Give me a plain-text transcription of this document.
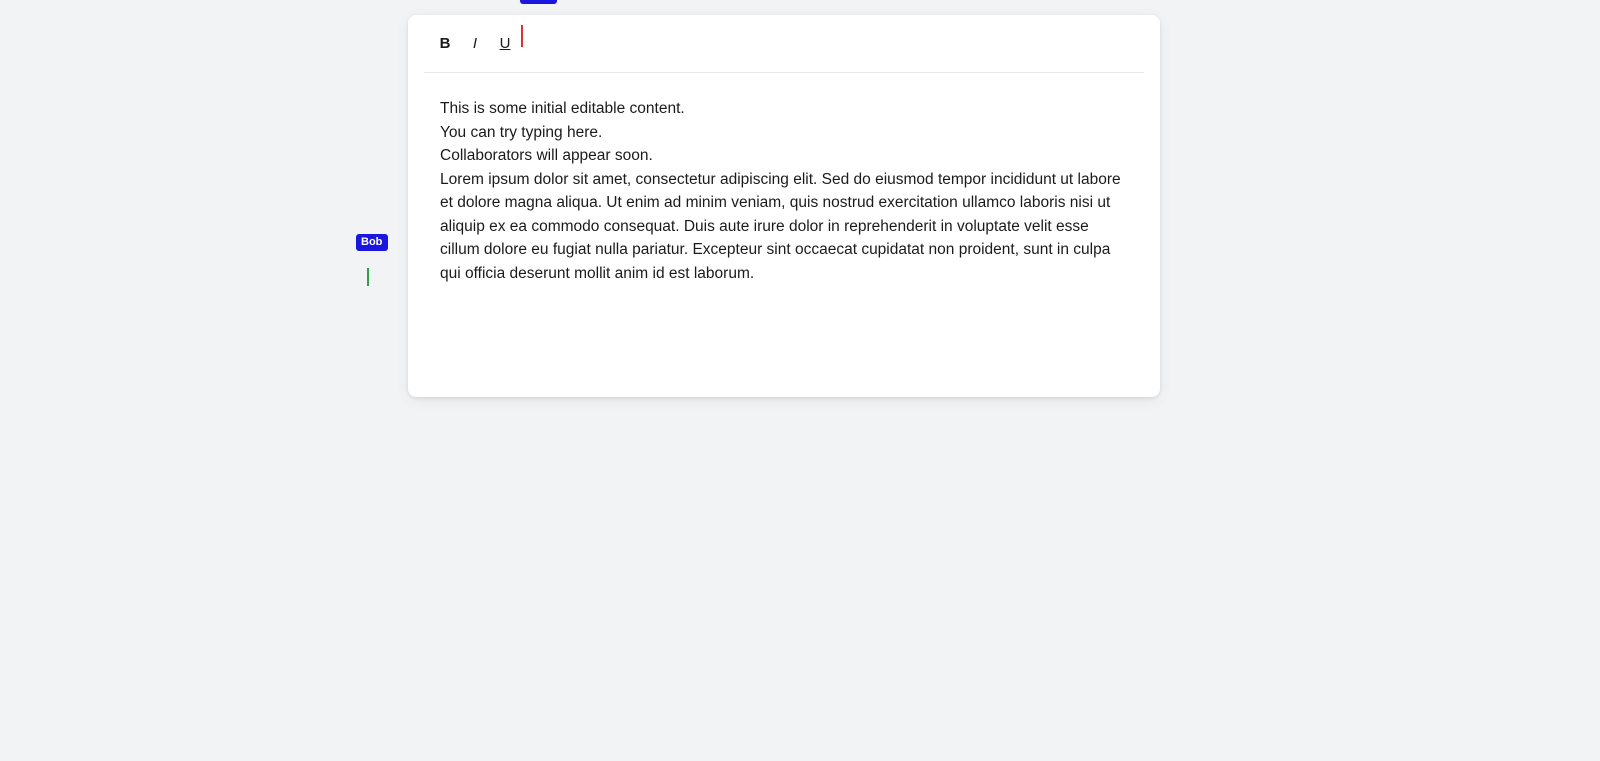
B	I	U

This is some initial editable content.

You can try typing here.

Collaborators will appear soon.

Lorem ipsum dolor sit amet, consectetur adipiscing elit. Sed do eiusmod tempor incididunt ut labore et dolore magna aliqua. Ut enim ad minim veniam, quis nostrud exercitation ullamco laboris nisi ut aliquip ex ea commodo consequat. Duis aute irure dolor in reprehenderit in voluptate velit esse cillum dolore eu fugiat nulla pariatur. Excepteur sint occaecat cupidatat non proident, sunt in culpa qui officia deserunt mollit anim id est laborum.

Bob
